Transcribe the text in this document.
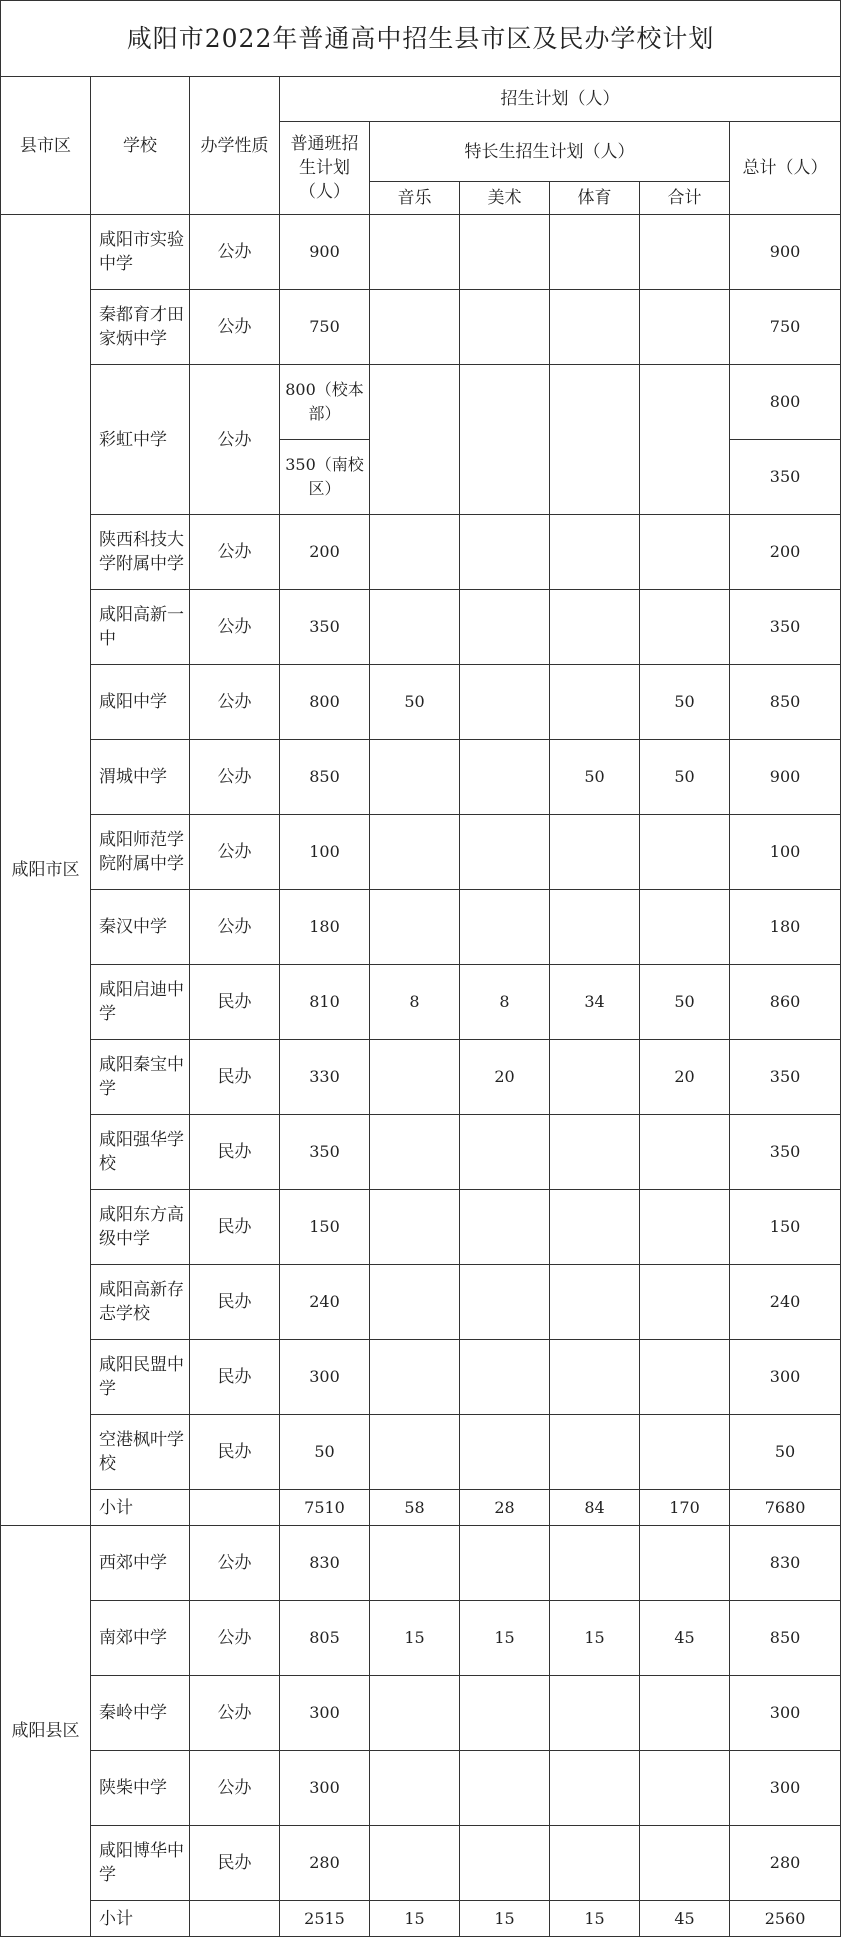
咸阳市2022年普通高中招生县市区及民办学校计划								
县市区	学校	办学性质	招生计划（人）					
			普通班招生计划（人）	特长生招生计划（人）				总计（人）
				音乐	美术	体育	合计	
咸阳市区	咸阳市实验中学	公办	900					900
	秦都育才田家炳中学	公办	750					750
	彩虹中学	公办	800（校本部）					800
			350（南校区）					350
	陕西科技大学附属中学	公办	200					200
	咸阳高新一中	公办	350					350
	咸阳中学	公办	800	50			50	850
	渭城中学	公办	850			50	50	900
	咸阳师范学院附属中学	公办	100					100
	秦汉中学	公办	180					180
	咸阳启迪中学	民办	810	8	8	34	50	860
	咸阳秦宝中学	民办	330		20		20	350
	咸阳强华学校	民办	350					350
	咸阳东方高级中学	民办	150					150
	咸阳高新存志学校	民办	240					240
	咸阳民盟中学	民办	300					300
	空港枫叶学校	民办	50					50
	小计		7510	58	28	84	170	7680
咸阳县区	西郊中学	公办	830					830
	南郊中学	公办	805	15	15	15	45	850
	秦岭中学	公办	300					300
	陕柴中学	公办	300					300
	咸阳博华中学	民办	280					280
	小计		2515	15	15	15	45	2560
